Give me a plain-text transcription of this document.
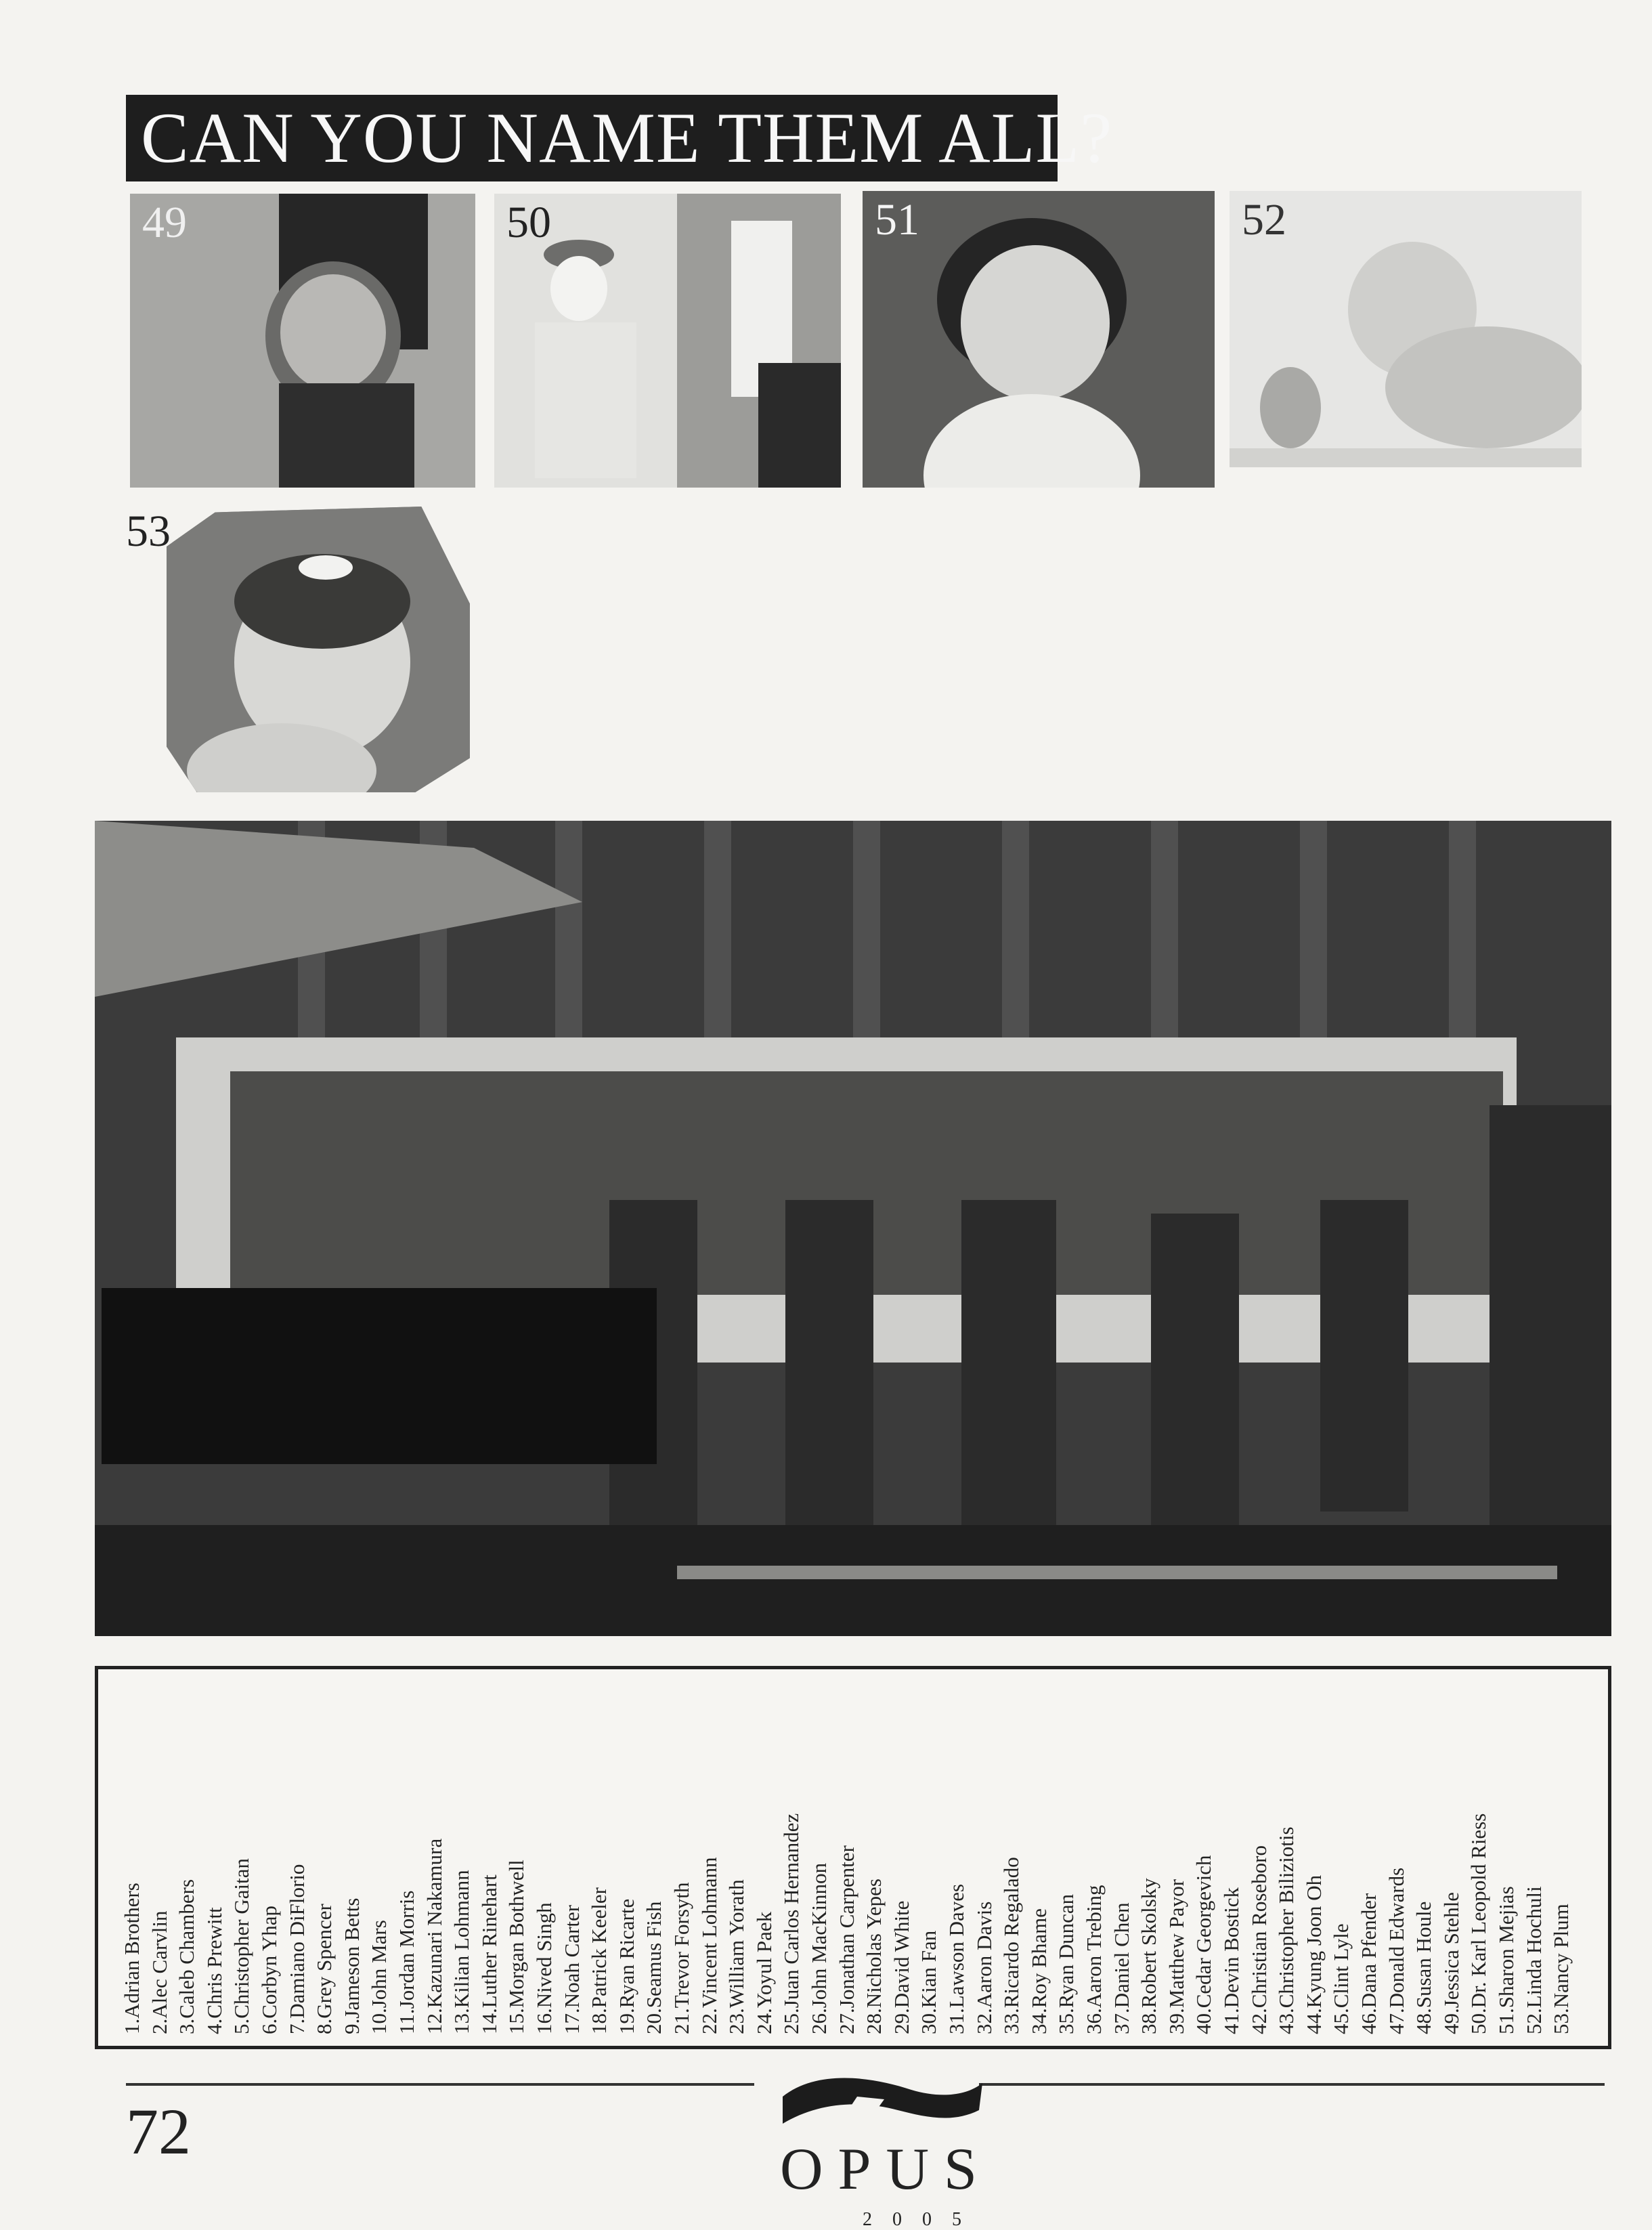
CAN YOU NAME THEM ALL?
49	50	51	52
53
1.Adrian Brothers
2.Alec Carvlin
3.Caleb Chambers
4.Chris Prewitt
5.Christopher Gaitan
6.Corbyn Yhap
7.Damiano DiFlorio
8.Grey Spencer
9.Jameson Betts
10.John Mars
11.Jordan Morris
12.Kazunari Nakamura
13.Kilian Lohmann
14.Luther Rinehart
15.Morgan Bothwell
16.Nived Singh
17.Noah Carter
18.Patrick Keeler
19.Ryan Ricarte
20.Seamus Fish
21.Trevor Forsyth
22.Vincent Lohmann
23.William Yorath
24.Yoyul Paek
25.Juan Carlos Hernandez
26.John MacKinnon
27.Jonathan Carpenter
28.Nicholas Yepes
29.David White
30.Kian Fan
31.Lawson Daves
32.Aaron Davis
33.Ricardo Regalado
34.Roy Bhame
35.Ryan Duncan
36.Aaron Trebing
37.Daniel Chen
38.Robert Skolsky
39.Matthew Payor
40.Cedar Georgevich
41.Devin Bostick
42.Christian Roseboro
43.Christopher Biliziotis
44.Kyung Joon Oh
45.Clint Lyle
46.Dana Pfender
47.Donald Edwards
48.Susan Houle
49.Jessica Stehle
50.Dr. Karl Leopold Riess
51.Sharon Mejias
52.Linda Hochuli
53.Nancy Plum
72
OPUS
2005
